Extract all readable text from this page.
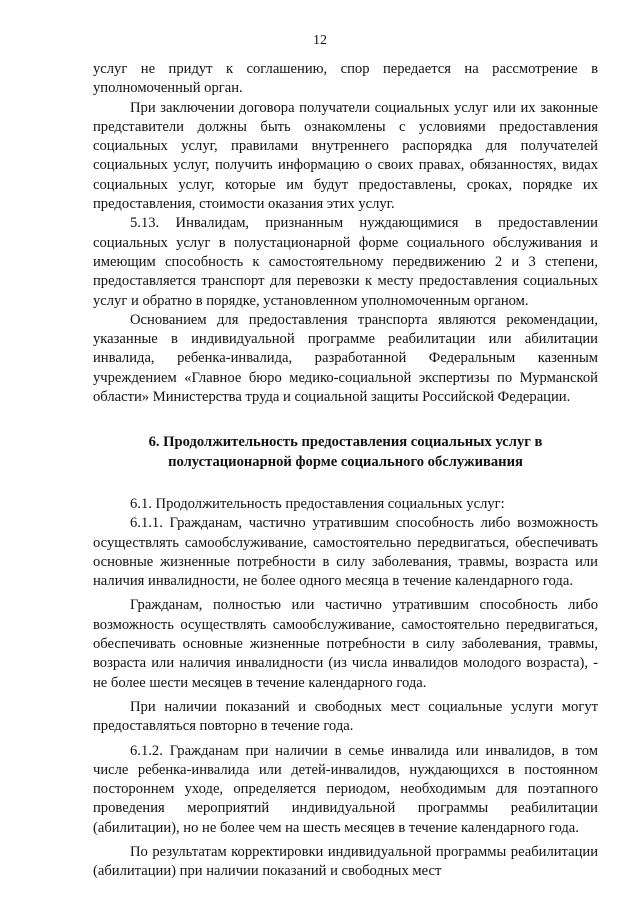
12

услуг не придут к соглашению, спор передается на рассмотрение в уполномоченный орган.

При заключении договора получатели социальных услуг или их законные представители должны быть ознакомлены с условиями предоставления социальных услуг, правилами внутреннего распорядка для получателей социальных услуг, получить информацию о своих правах, обязанностях, видах социальных услуг, которые им будут предоставлены, сроках, порядке их предоставления, стоимости оказания этих услуг.

5.13. Инвалидам, признанным нуждающимися в предоставлении социальных услуг в полустационарной форме социального обслуживания и имеющим способность к самостоятельному передвижению 2 и 3 степени, предоставляется транспорт для перевозки к месту предоставления социальных услуг и обратно в порядке, установленном уполномоченным органом.

Основанием для предоставления транспорта являются рекомендации, указанные в индивидуальной программе реабилитации или абилитации инвалида, ребенка-инвалида, разработанной Федеральным казенным учреждением «Главное бюро медико-социальной экспертизы по Мурманской области» Министерства труда и социальной защиты Российской Федерации.

6. Продолжительность предоставления социальных услуг в
полустационарной форме социального обслуживания

6.1. Продолжительность предоставления социальных услуг:

6.1.1. Гражданам, частично утратившим способность либо возможность осуществлять самообслуживание, самостоятельно передвигаться, обеспечивать основные жизненные потребности в силу заболевания, травмы, возраста или наличия инвалидности, не более одного месяца в течение календарного года.

Гражданам, полностью или частично утратившим способность либо возможность осуществлять самообслуживание, самостоятельно передвигаться, обеспечивать основные жизненные потребности в силу заболевания, травмы, возраста или наличия инвалидности (из числа инвалидов молодого возраста), - не более шести месяцев в течение календарного года.

При наличии показаний и свободных мест социальные услуги могут предоставляться повторно в течение года.

6.1.2. Гражданам при наличии в семье инвалида или инвалидов, в том числе ребенка-инвалида или детей-инвалидов, нуждающихся в постоянном постороннем уходе, определяется периодом, необходимым для поэтапного проведения мероприятий индивидуальной программы реабилитации (абилитации), но не более чем на шесть месяцев в течение календарного года.

По результатам корректировки индивидуальной программы реабилитации (абилитации) при наличии показаний и свободных мест
